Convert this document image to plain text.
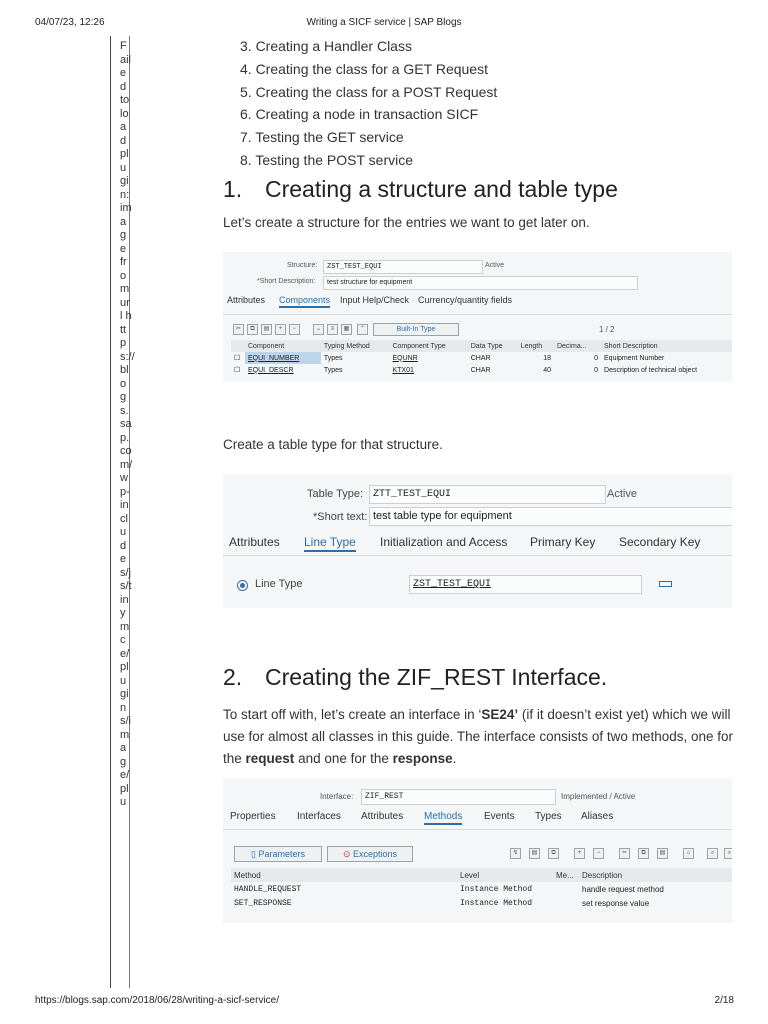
04/07/23, 12:26	Writing a SICF service | SAP Blogs
Failed to load plugin: image from url https://blogs.sap.com/wp-includes/js/tinymce/plugins/image/plu
3. Creating a Handler Class
4. Creating the class for a GET Request
5. Creating the class for a POST Request
6. Creating a node in transaction SICF
7. Testing the GET service
8. Testing the POST service
1. Creating a structure and table type

Let’s create a structure for the entries we want to get later on.

Structure:	ZST_TEST_EQUI	Active
*Short Description:	test structure for equipment
Attributes Components Input Help/Check Currency/quantity fields
✂	⧉	▤	+	−	⌄	≡	▦	⌃	Built-In Type	1 / 2
	Component	Typing Method	Component Type	Data Type	Length	Decima...	Short Description
☐	EQUI_NUMBER	Types	EQUNR	CHAR	18	0	Equipment Number
☐	EQUI_DESCR	Types	KTX01	CHAR	40	0	Description of technical object

Create a table type for that structure.

Table Type: ZTT_TEST_EQUI	Active
*Short text: test table type for equipment
Attributes Line Type Initialization and Access Primary Key Secondary Key
Line Type	ZST_TEST_EQUI
2. Creating the ZIF_REST Interface.

To start off with, let’s create an interface in ‘SE24’ (if it doesn’t exist yet) which we will use for almost all classes in this guide. The interface consists of two methods, one for the request and one for the response.

Interface:	ZIF_REST	Implemented / Active
Properties Interfaces Attributes Methods Events Types Aliases
▯ Parameters	⊙ Exceptions	↯	▤	⧉	+	−	✂	⧉	▤	⌂	⌕	⌕
Method	Level	Me...	Description
HANDLE_REQUEST	Instance Method		handle request method
SET_RESPONSE	Instance Method		set response value
https://blogs.sap.com/2018/06/28/writing-a-sicf-service/	2/18
